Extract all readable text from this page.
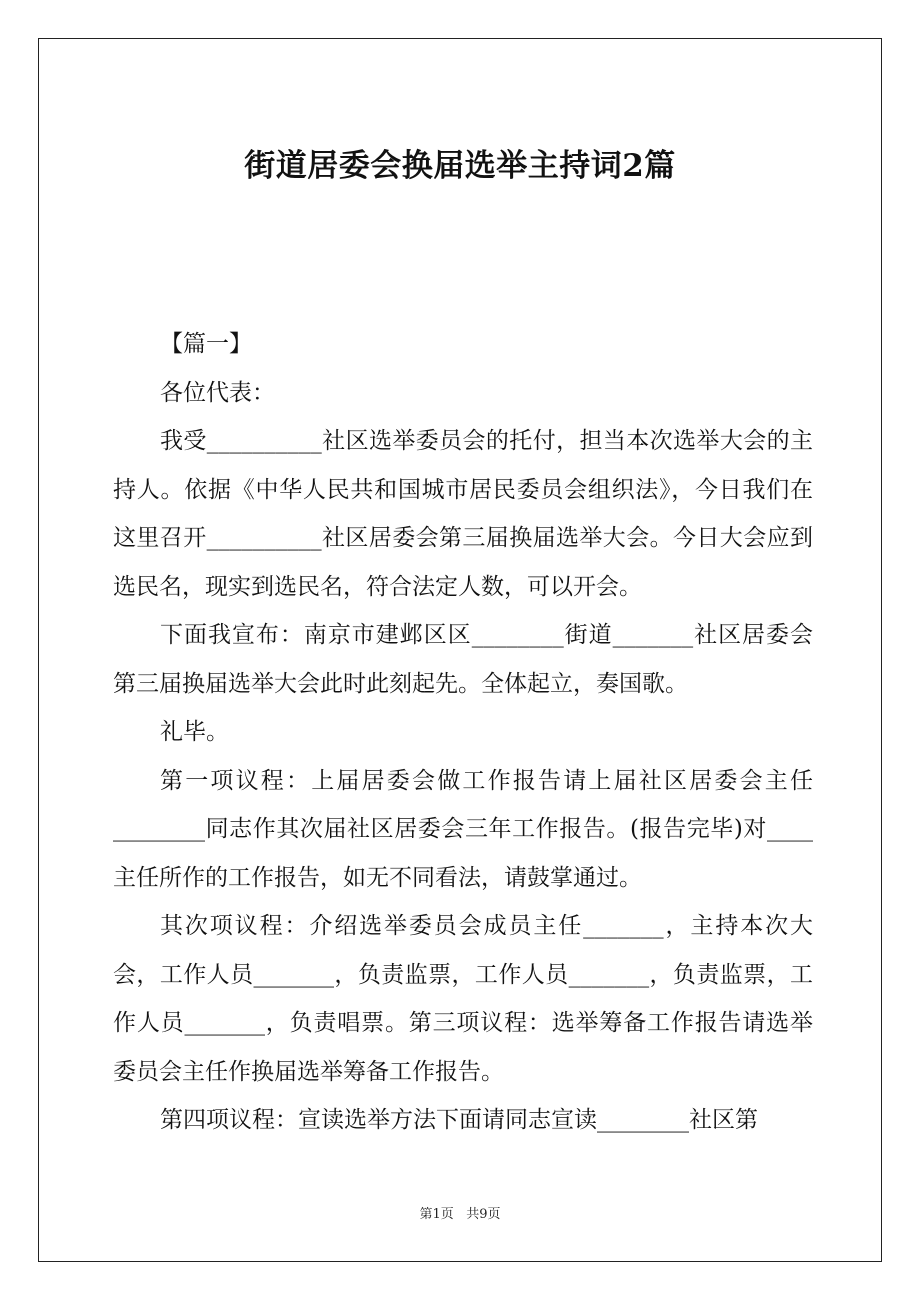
街道居委会换届选举主持词2篇

【篇一】

各位代表：

我受__________社区选举委员会的托付，担当本次选举大会的主持人。依据《中华人民共和国城市居民委员会组织法》，今日我们在这里召开__________社区居委会第三届换届选举大会。今日大会应到选民名，现实到选民名，符合法定人数，可以开会。

下面我宣布：南京市建邺区区________街道_______社区居委会第三届换届选举大会此时此刻起先。全体起立，奏国歌。

礼毕。

第一项议程：上届居委会做工作报告请上届社区居委会主任________同志作其次届社区居委会三年工作报告。(报告完毕)对____主任所作的工作报告，如无不同看法，请鼓掌通过。

其次项议程：介绍选举委员会成员主任_______，主持本次大会，工作人员_______，负责监票，工作人员_______，负责监票，工作人员_______，负责唱票。第三项议程：选举筹备工作报告请选举委员会主任作换届选举筹备工作报告。

第四项议程：宣读选举方法下面请同志宣读________社区第

第1页 共9页
